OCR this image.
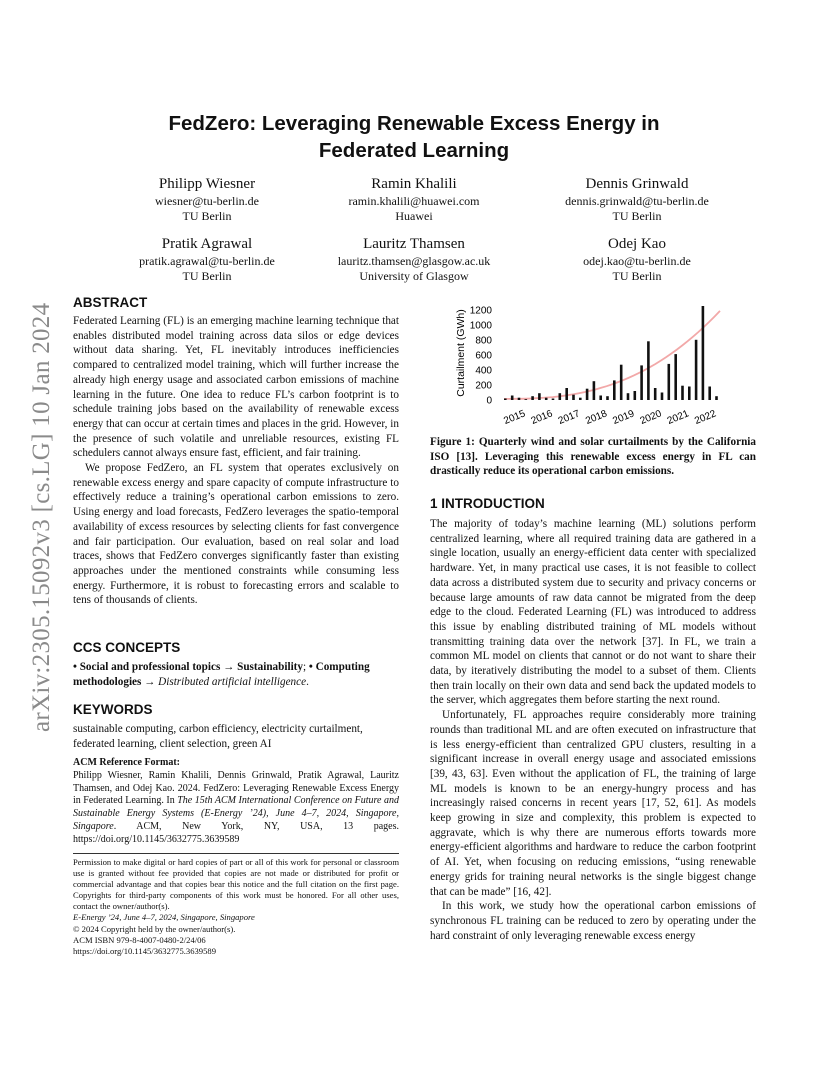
arXiv:2305.15092v3 [cs.LG] 10 Jan 2024
FedZero: Leveraging Renewable Excess Energy in
Federated Learning
Philipp Wiesner
wiesner@tu-berlin.de
TU Berlin
Ramin Khalili
ramin.khalili@huawei.com
Huawei
Dennis Grinwald
dennis.grinwald@tu-berlin.de
TU Berlin
Pratik Agrawal
pratik.agrawal@tu-berlin.de
TU Berlin
Lauritz Thamsen
lauritz.thamsen@glasgow.ac.uk
University of Glasgow
Odej Kao
odej.kao@tu-berlin.de
TU Berlin
ABSTRACT

Federated Learning (FL) is an emerging machine learning technique that enables distributed model training across data silos or edge devices without data sharing. Yet, FL inevitably introduces inefficiencies compared to centralized model training, which will further increase the already high energy usage and associated carbon emissions of machine learning in the future. One idea to reduce FL’s carbon footprint is to schedule training jobs based on the availability of renewable excess energy that can occur at certain times and places in the grid. However, in the presence of such volatile and unreliable resources, existing FL schedulers cannot always ensure fast, efficient, and fair training.

We propose FedZero, an FL system that operates exclusively on renewable excess energy and spare capacity of compute infrastructure to effectively reduce a training’s operational carbon emissions to zero. Using energy and load forecasts, FedZero leverages the spatio-temporal availability of excess resources by selecting clients for fast convergence and fair participation. Our evaluation, based on real solar and load traces, shows that FedZero converges significantly faster than existing approaches under the mentioned constraints while consuming less energy. Furthermore, it is robust to forecasting errors and scalable to tens of thousands of clients.

CCS CONCEPTS

• Social and professional topics → Sustainability; • Computing methodologies → Distributed artificial intelligence.

KEYWORDS

sustainable computing, carbon efficiency, electricity curtailment, federated learning, client selection, green AI

ACM Reference Format:

Philipp Wiesner, Ramin Khalili, Dennis Grinwald, Pratik Agrawal, Lauritz Thamsen, and Odej Kao. 2024. FedZero: Leveraging Renewable Excess Energy in Federated Learning. In The 15th ACM International Conference on Future and Sustainable Energy Systems (E-Energy ’24), June 4–7, 2024, Singapore, Singapore. ACM, New York, NY, USA, 13 pages. https://doi.org/10.1145/3632775.3639589

Permission to make digital or hard copies of part or all of this work for personal or classroom use is granted without fee provided that copies are not made or distributed for profit or commercial advantage and that copies bear this notice and the full citation on the first page. Copyrights for third-party components of this work must be honored. For all other uses, contact the owner/author(s).
E-Energy ’24, June 4–7, 2024, Singapore, Singapore
© 2024 Copyright held by the owner/author(s).
ACM ISBN 979-8-4007-0480-2/24/06
https://doi.org/10.1145/3632775.3639589
Curtailment (GWh)
0
200
400
600
800
1000
1200
2015 2016 2017 2018 2019 2020 2021 2022
Figure 1: Quarterly wind and solar curtailments by the California ISO [13]. Leveraging this renewable excess energy in FL can drastically reduce its operational carbon emissions.
1 INTRODUCTION

The majority of today’s machine learning (ML) solutions perform centralized learning, where all required training data are gathered in a single location, usually an energy-efficient data center with specialized hardware. Yet, in many practical use cases, it is not feasible to collect data across a distributed system due to security and privacy concerns or because large amounts of raw data cannot be migrated from the deep edge to the cloud. Federated Learning (FL) was introduced to address this issue by enabling distributed training of ML models without transmitting training data over the network [37]. In FL, we train a common ML model on clients that cannot or do not want to share their data, by iteratively distributing the model to a subset of them. Clients then train locally on their own data and send back the updated models to the server, which aggregates them before starting the next round.

Unfortunately, FL approaches require considerably more training rounds than traditional ML and are often executed on infrastructure that is less energy-efficient than centralized GPU clusters, resulting in a significant increase in overall energy usage and associated emissions [39, 43, 63]. Even without the application of FL, the training of large ML models is known to be an energy-hungry process and has increasingly raised concerns in recent years [17, 52, 61]. As models keep growing in size and complexity, this problem is expected to aggravate, which is why there are numerous efforts towards more energy-efficient algorithms and hardware to reduce the carbon footprint of AI. Yet, when focusing on reducing emissions, “using renewable energy grids for training neural networks is the single biggest change that can be made” [16, 42].

In this work, we study how the operational carbon emissions of synchronous FL training can be reduced to zero by operating under the hard constraint of only leveraging renewable excess energy
